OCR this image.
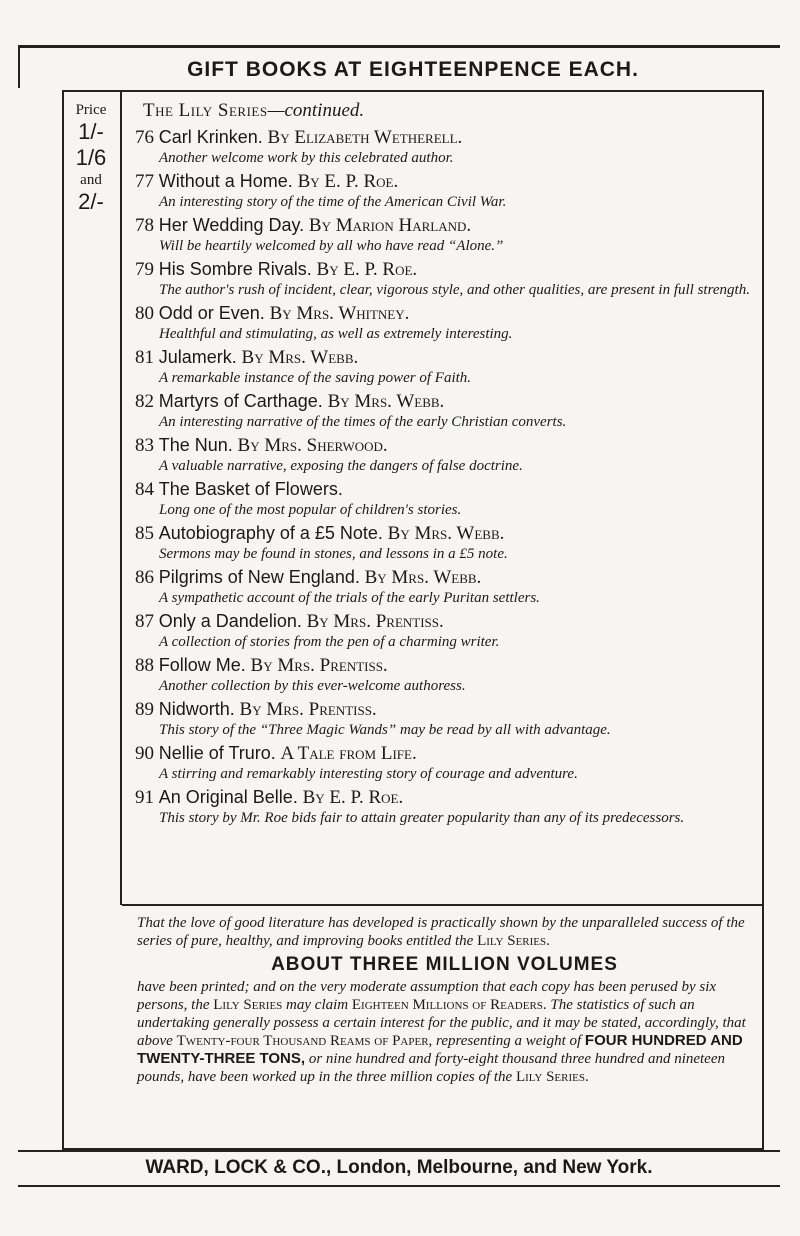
GIFT BOOKS AT EIGHTEENPENCE EACH.
Price
1/-
1/6
and
2/-
The Lily Series—continued.
76 Carl Krinken. By Elizabeth Wetherell.
Another welcome work by this celebrated author.
77 Without a Home. By E. P. Roe.
An interesting story of the time of the American Civil War.
78 Her Wedding Day. By Marion Harland.
Will be heartily welcomed by all who have read “Alone.”
79 His Sombre Rivals. By E. P. Roe.
The author's rush of incident, clear, vigorous style, and other qualities, are present in full strength.
80 Odd or Even. By Mrs. Whitney.
Healthful and stimulating, as well as extremely interesting.
81 Julamerk. By Mrs. Webb.
A remarkable instance of the saving power of Faith.
82 Martyrs of Carthage. By Mrs. Webb.
An interesting narrative of the times of the early Christian converts.
83 The Nun. By Mrs. Sherwood.
A valuable narrative, exposing the dangers of false doctrine.
84 The Basket of Flowers.
Long one of the most popular of children's stories.
85 Autobiography of a £5 Note. By Mrs. Webb.
Sermons may be found in stones, and lessons in a £5 note.
86 Pilgrims of New England. By Mrs. Webb.
A sympathetic account of the trials of the early Puritan settlers.
87 Only a Dandelion. By Mrs. Prentiss.
A collection of stories from the pen of a charming writer.
88 Follow Me. By Mrs. Prentiss.
Another collection by this ever-welcome authoress.
89 Nidworth. By Mrs. Prentiss.
This story of the “Three Magic Wands” may be read by all with advantage.
90 Nellie of Truro. A Tale from Life.
A stirring and remarkably interesting story of courage and adventure.
91 An Original Belle. By E. P. Roe.
This story by Mr. Roe bids fair to attain greater popularity than any of its predecessors.
That the love of good literature has developed is practically shown by the unparalleled success of the series of pure, healthy, and improving books entitled the Lily Series.
ABOUT THREE MILLION VOLUMES
have been printed; and on the very moderate assumption that each copy has been perused by six persons, the Lily Series may claim Eighteen Millions of Readers. The statistics of such an undertaking generally possess a certain interest for the public, and it may be stated, accordingly, that above Twenty-four Thousand Reams of Paper, representing a weight of FOUR HUNDRED AND TWENTY-THREE TONS, or nine hundred and forty-eight thousand three hundred and nineteen pounds, have been worked up in the three million copies of the Lily Series.
WARD, LOCK & CO., London, Melbourne, and New York.
